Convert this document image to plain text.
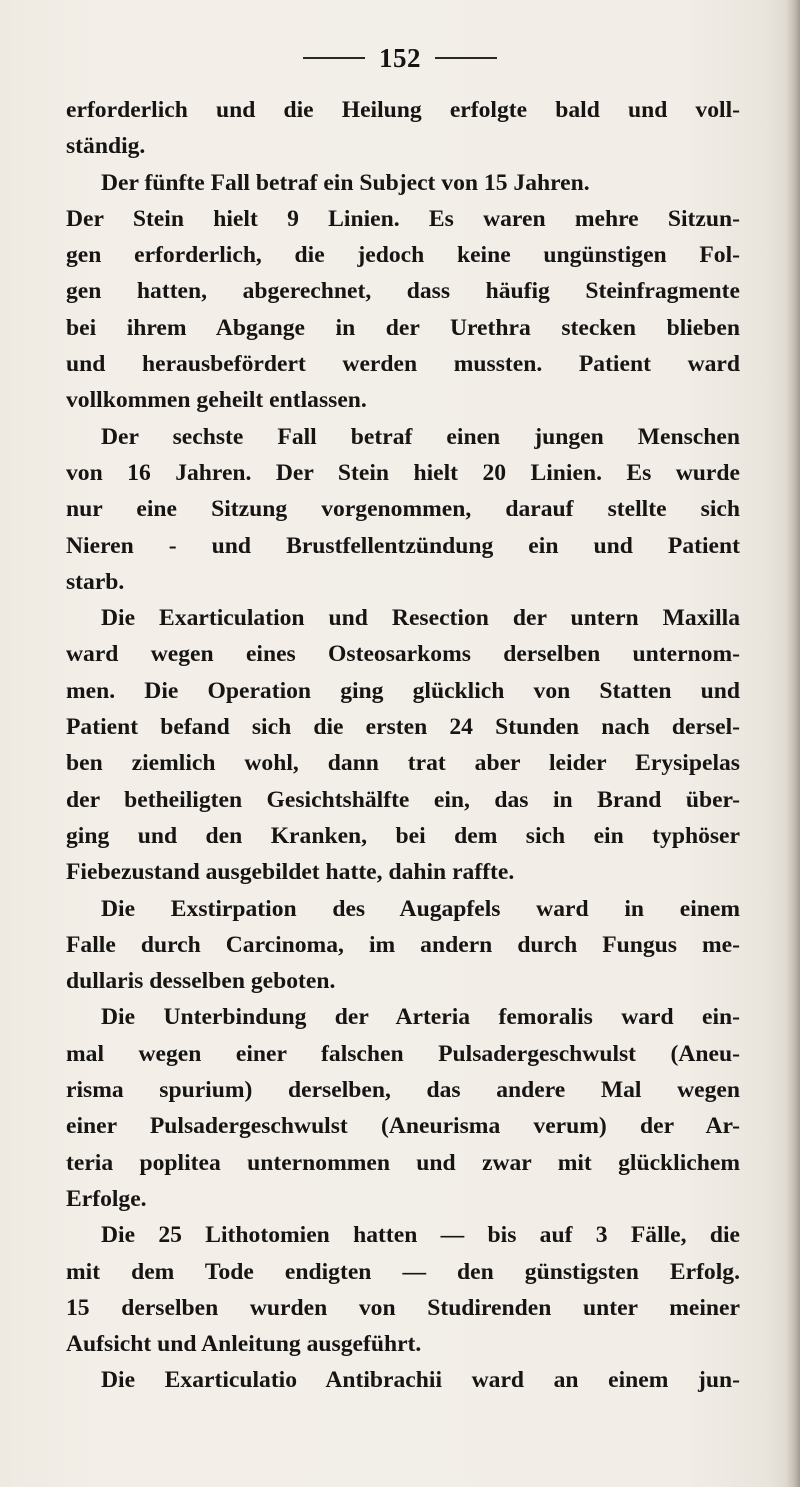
152
erforderlich und die Heilung erfolgte bald und voll-
ständig.
Der fünfte Fall betraf ein Subject von 15 Jahren.
Der Stein hielt 9 Linien. Es waren mehre Sitzun-
gen erforderlich, die jedoch keine ungünstigen Fol-
gen hatten, abgerechnet, dass häufig Steinfragmente
bei ihrem Abgange in der Urethra stecken blieben
und herausbefördert werden mussten. Patient ward
vollkommen geheilt entlassen.
Der sechste Fall betraf einen jungen Menschen
von 16 Jahren. Der Stein hielt 20 Linien. Es wurde
nur eine Sitzung vorgenommen, darauf stellte sich
Nieren - und Brustfellentzündung ein und Patient
starb.
Die Exarticulation und Resection der untern Maxilla
ward wegen eines Osteosarkoms derselben unternom-
men. Die Operation ging glücklich von Statten und
Patient befand sich die ersten 24 Stunden nach dersel-
ben ziemlich wohl, dann trat aber leider Erysipelas
der betheiligten Gesichtshälfte ein, das in Brand über-
ging und den Kranken, bei dem sich ein typhöser
Fiebezustand ausgebildet hatte, dahin raffte.
Die Exstirpation des Augapfels ward in einem
Falle durch Carcinoma, im andern durch Fungus me-
dullaris desselben geboten.
Die Unterbindung der Arteria femoralis ward ein-
mal wegen einer falschen Pulsadergeschwulst (Aneu-
risma spurium) derselben, das andere Mal wegen
einer Pulsadergeschwulst (Aneurisma verum) der Ar-
teria poplitea unternommen und zwar mit glücklichem
Erfolge.
Die 25 Lithotomien hatten — bis auf 3 Fälle, die
mit dem Tode endigten — den günstigsten Erfolg.
15 derselben wurden von Studirenden unter meiner
Aufsicht und Anleitung ausgeführt.
Die Exarticulatio Antibrachii ward an einem jun-
